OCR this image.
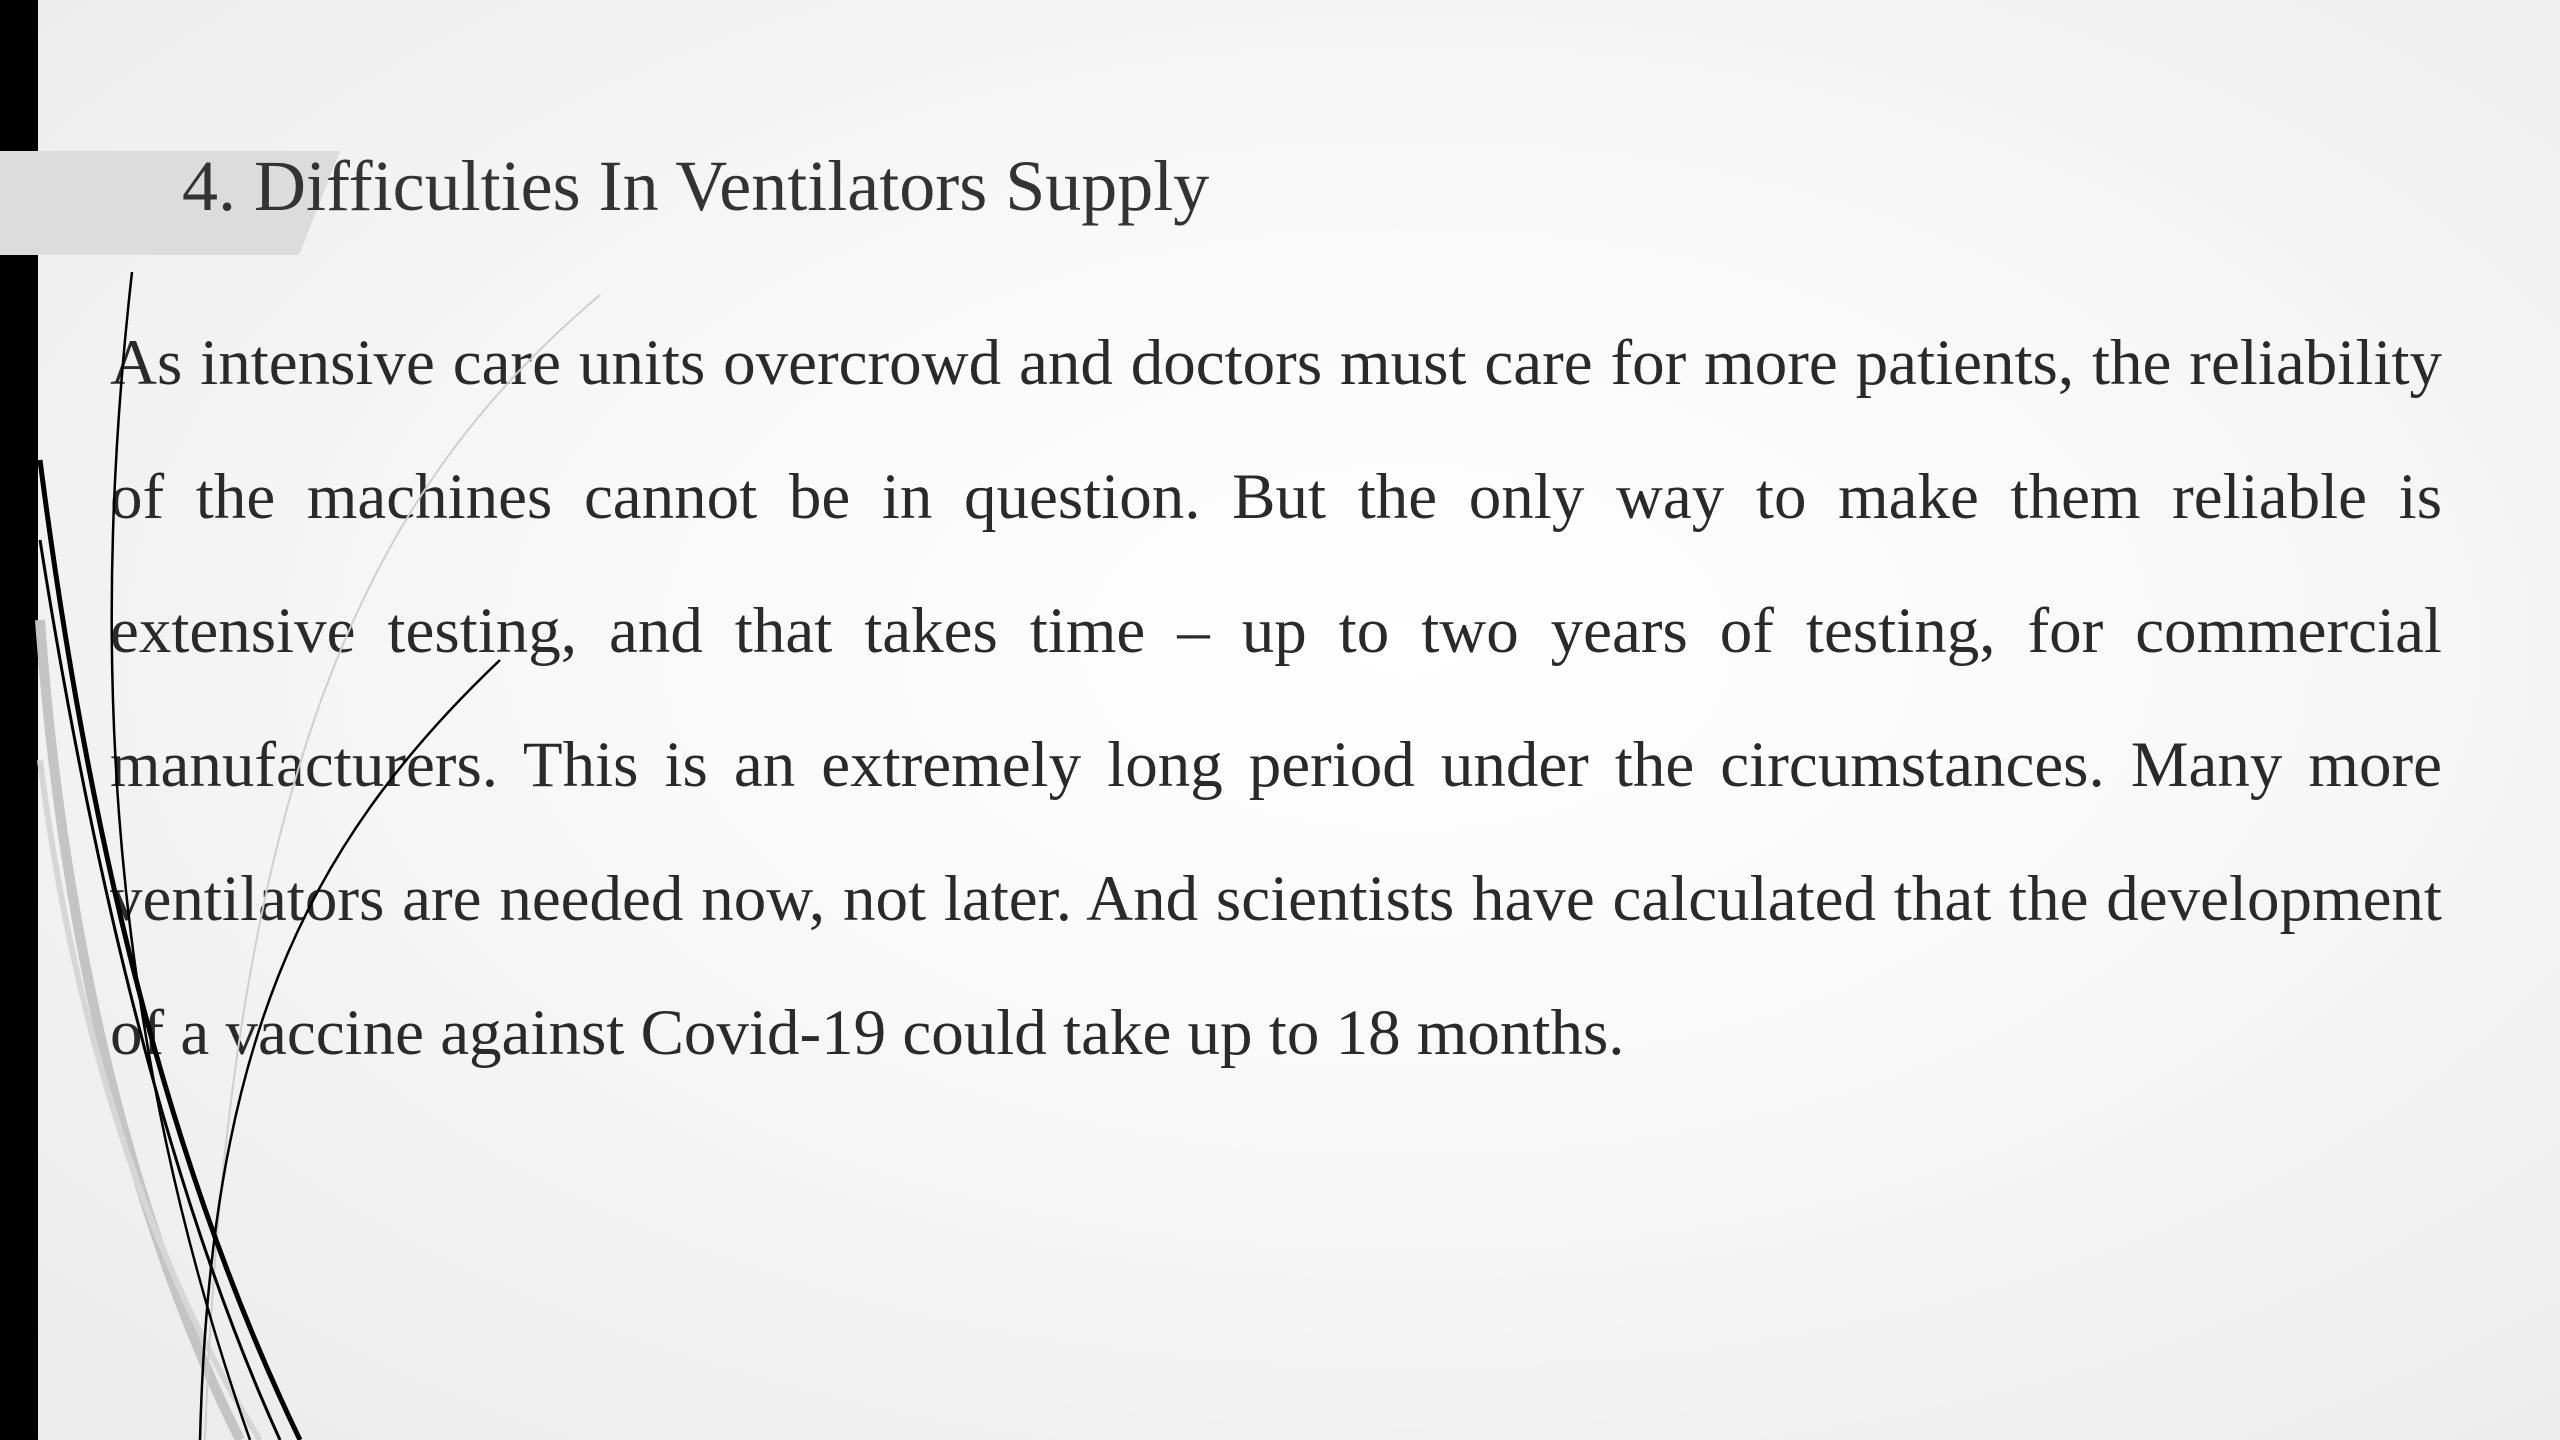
4. Difficulties In Ventilators Supply

As intensive care units overcrowd and doctors must care for more patients, the reliability of the machines cannot be in question. But the only way to make them reliable is extensive testing, and that takes time – up to two years of testing, for commercial manufacturers. This is an extremely long period under the circumstances. Many more ventilators are needed now, not later. And scientists have calculated that the development of a vaccine against Covid-19 could take up to 18 months.
